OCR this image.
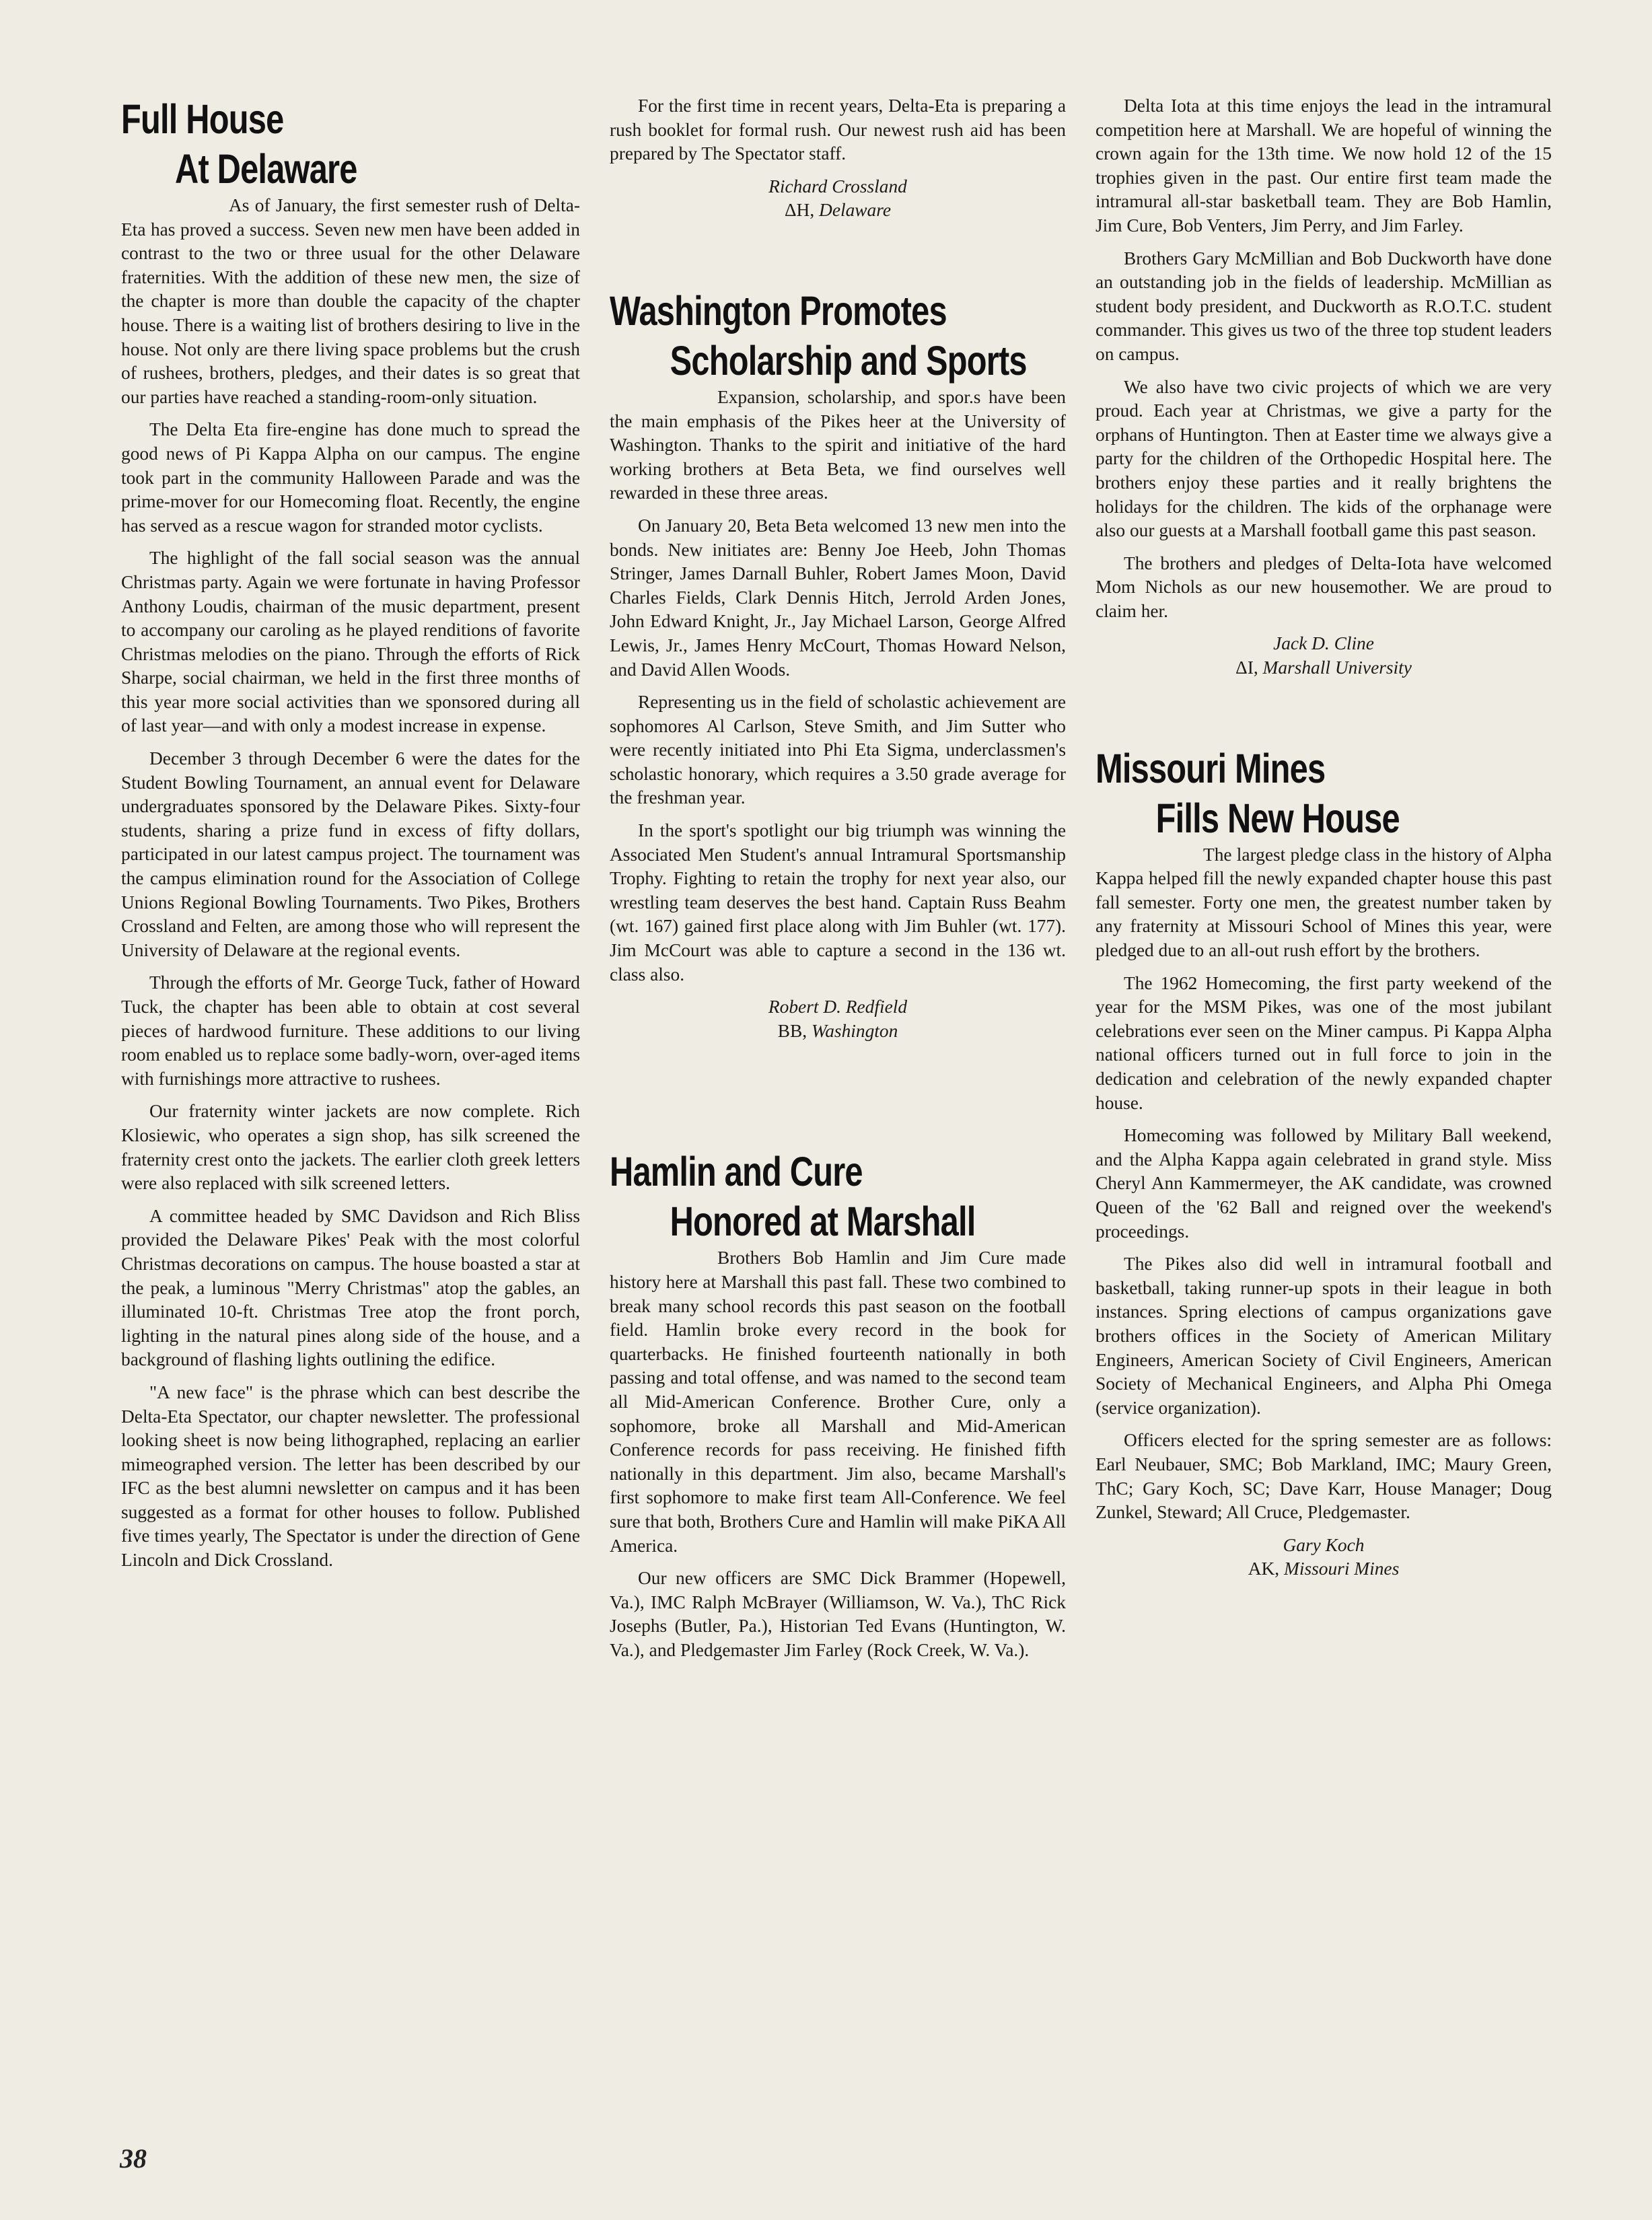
Full House
At Delaware

As of January, the first semester rush of Delta-Eta has proved a success. Seven new men have been added in contrast to the two or three usual for the other Delaware fraternities. With the addition of these new men, the size of the chapter is more than double the capacity of the chapter house. There is a waiting list of brothers desiring to live in the house. Not only are there living space problems but the crush of rushees, brothers, pledges, and their dates is so great that our parties have reached a standing-room-only situation.

The Delta Eta fire-engine has done much to spread the good news of Pi Kappa Alpha on our campus. The engine took part in the community Halloween Parade and was the prime-mover for our Homecoming float. Recently, the engine has served as a rescue wagon for stranded motor cyclists.

The highlight of the fall social season was the annual Christmas party. Again we were fortunate in having Professor Anthony Loudis, chairman of the music department, present to accompany our caroling as he played renditions of favorite Christmas melodies on the piano. Through the efforts of Rick Sharpe, social chairman, we held in the first three months of this year more social activities than we sponsored during all of last year—and with only a modest increase in expense.

December 3 through December 6 were the dates for the Student Bowling Tournament, an annual event for Delaware undergraduates sponsored by the Delaware Pikes. Sixty-four students, sharing a prize fund in excess of fifty dollars, participated in our latest campus project. The tournament was the campus elimination round for the Association of College Unions Regional Bowling Tournaments. Two Pikes, Brothers Crossland and Felten, are among those who will represent the University of Delaware at the regional events.

Through the efforts of Mr. George Tuck, father of Howard Tuck, the chapter has been able to obtain at cost several pieces of hardwood furniture. These additions to our living room enabled us to replace some badly-worn, over-aged items with furnishings more attractive to rushees.

Our fraternity winter jackets are now complete. Rich Klosiewic, who operates a sign shop, has silk screened the fraternity crest onto the jackets. The earlier cloth greek letters were also replaced with silk screened letters.

A committee headed by SMC Davidson and Rich Bliss provided the Delaware Pikes' Peak with the most colorful Christmas decorations on campus. The house boasted a star at the peak, a luminous "Merry Christmas" atop the gables, an illuminated 10-ft. Christmas Tree atop the front porch, lighting in the natural pines along side of the house, and a background of flashing lights outlining the edifice.

"A new face" is the phrase which can best describe the Delta-Eta Spectator, our chapter newsletter. The professional looking sheet is now being lithographed, replacing an earlier mimeographed version. The letter has been described by our IFC as the best alumni newsletter on campus and it has been suggested as a format for other houses to follow. Published five times yearly, The Spectator is under the direction of Gene Lincoln and Dick Crossland.

For the first time in recent years, Delta-Eta is preparing a rush booklet for formal rush. Our newest rush aid has been prepared by The Spectator staff.

Richard Crossland
ΔH, Delaware
Washington Promotes
Scholarship and Sports

Expansion, scholarship, and spor.s have been the main emphasis of the Pikes heer at the University of Washington. Thanks to the spirit and initiative of the hard working brothers at Beta Beta, we find ourselves well rewarded in these three areas.

On January 20, Beta Beta welcomed 13 new men into the bonds. New initiates are: Benny Joe Heeb, John Thomas Stringer, James Darnall Buhler, Robert James Moon, David Charles Fields, Clark Dennis Hitch, Jerrold Arden Jones, John Edward Knight, Jr., Jay Michael Larson, George Alfred Lewis, Jr., James Henry McCourt, Thomas Howard Nelson, and David Allen Woods.

Representing us in the field of scholastic achievement are sophomores Al Carlson, Steve Smith, and Jim Sutter who were recently initiated into Phi Eta Sigma, underclassmen's scholastic honorary, which requires a 3.50 grade average for the freshman year.

In the sport's spotlight our big triumph was winning the Associated Men Student's annual Intramural Sportsmanship Trophy. Fighting to retain the trophy for next year also, our wrestling team deserves the best hand. Captain Russ Beahm (wt. 167) gained first place along with Jim Buhler (wt. 177). Jim McCourt was able to capture a second in the 136 wt. class also.

Robert D. Redfield
BB, Washington
Hamlin and Cure
Honored at Marshall

Brothers Bob Hamlin and Jim Cure made history here at Marshall this past fall. These two combined to break many school records this past season on the football field. Hamlin broke every record in the book for quarterbacks. He finished fourteenth nationally in both passing and total offense, and was named to the second team all Mid-American Conference. Brother Cure, only a sophomore, broke all Marshall and Mid-American Conference records for pass receiving. He finished fifth nationally in this department. Jim also, became Marshall's first sophomore to make first team All-Conference. We feel sure that both, Brothers Cure and Hamlin will make PiKA All America.

Our new officers are SMC Dick Brammer (Hopewell, Va.), IMC Ralph McBrayer (Williamson, W. Va.), ThC Rick Josephs (Butler, Pa.), Historian Ted Evans (Huntington, W. Va.), and Pledgemaster Jim Farley (Rock Creek, W. Va.).

Delta Iota at this time enjoys the lead in the intramural competition here at Marshall. We are hopeful of winning the crown again for the 13th time. We now hold 12 of the 15 trophies given in the past. Our entire first team made the intramural all-star basketball team. They are Bob Hamlin, Jim Cure, Bob Venters, Jim Perry, and Jim Farley.

Brothers Gary McMillian and Bob Duckworth have done an outstanding job in the fields of leadership. McMillian as student body president, and Duckworth as R.O.T.C. student commander. This gives us two of the three top student leaders on campus.

We also have two civic projects of which we are very proud. Each year at Christmas, we give a party for the orphans of Huntington. Then at Easter time we always give a party for the children of the Orthopedic Hospital here. The brothers enjoy these parties and it really brightens the holidays for the children. The kids of the orphanage were also our guests at a Marshall football game this past season.

The brothers and pledges of Delta-Iota have welcomed Mom Nichols as our new housemother. We are proud to claim her.

Jack D. Cline
ΔI, Marshall University
Missouri Mines
Fills New House

The largest pledge class in the history of Alpha Kappa helped fill the newly expanded chapter house this past fall semester. Forty one men, the greatest number taken by any fraternity at Missouri School of Mines this year, were pledged due to an all-out rush effort by the brothers.

The 1962 Homecoming, the first party weekend of the year for the MSM Pikes, was one of the most jubilant celebrations ever seen on the Miner campus. Pi Kappa Alpha national officers turned out in full force to join in the dedication and celebration of the newly expanded chapter house.

Homecoming was followed by Military Ball weekend, and the Alpha Kappa again celebrated in grand style. Miss Cheryl Ann Kammermeyer, the AK candidate, was crowned Queen of the '62 Ball and reigned over the weekend's proceedings.

The Pikes also did well in intramural football and basketball, taking runner-up spots in their league in both instances. Spring elections of campus organizations gave brothers offices in the Society of American Military Engineers, American Society of Civil Engineers, American Society of Mechanical Engineers, and Alpha Phi Omega (service organization).

Officers elected for the spring semester are as follows: Earl Neubauer, SMC; Bob Markland, IMC; Maury Green, ThC; Gary Koch, SC; Dave Karr, House Manager; Doug Zunkel, Steward; All Cruce, Pledgemaster.

Gary Koch
AK, Missouri Mines
38
